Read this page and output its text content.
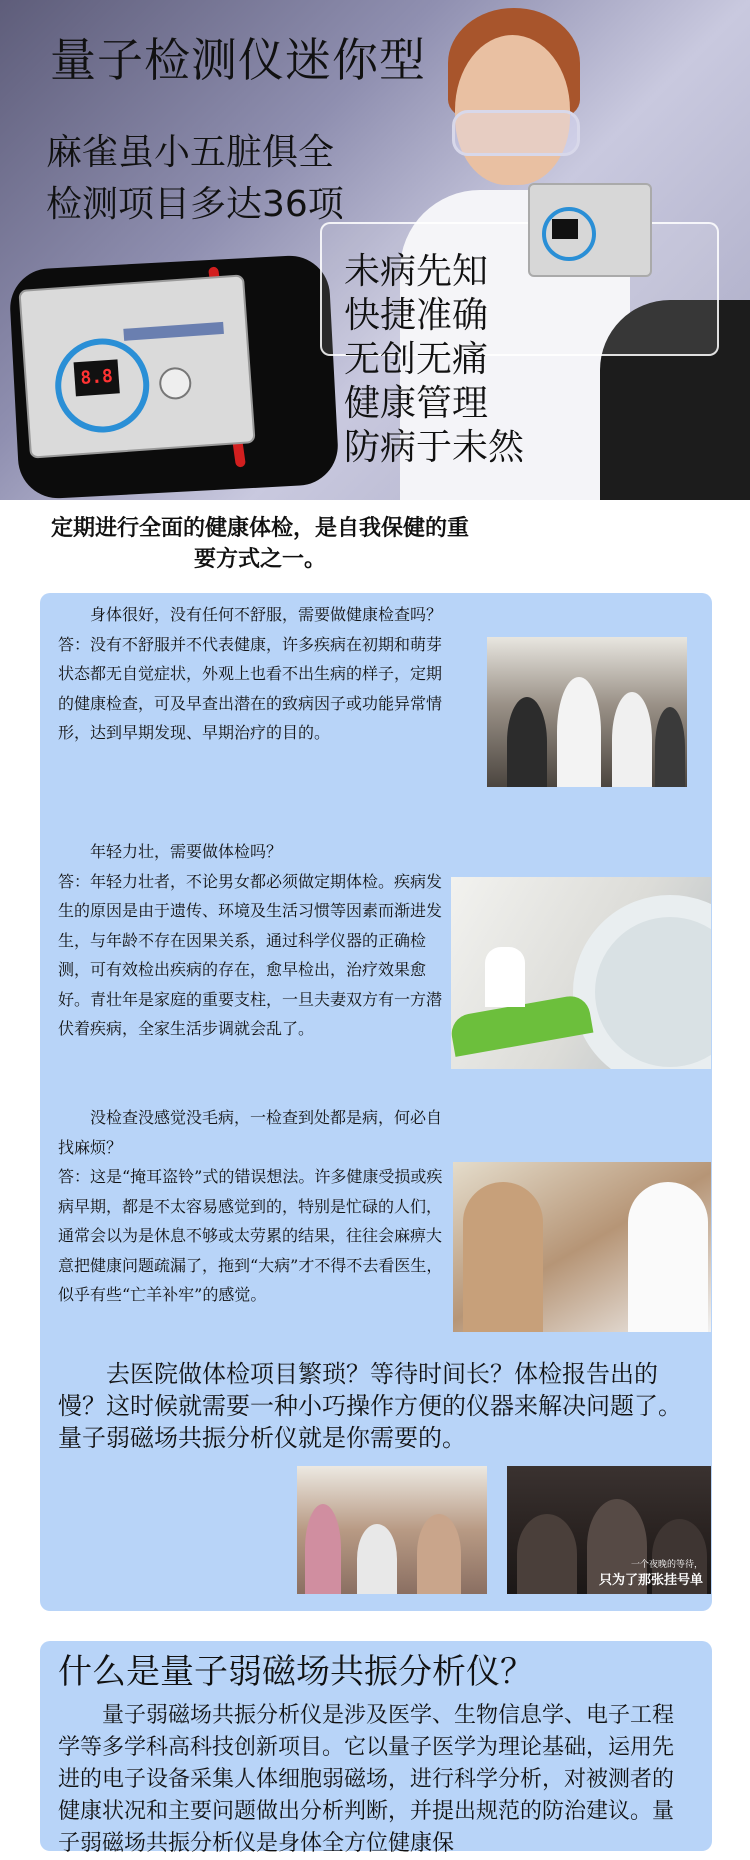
8.8
量子检测仪迷你型

麻雀虽小五脏俱全

检测项目多达36项

未病先知
快捷准确
无创无痛
健康管理
防病于未然

定期进行全面的健康体检，是自我保健的重要方式之一。

身体很好，没有任何不舒服，需要做健康检查吗？

答：没有不舒服并不代表健康，许多疾病在初期和萌芽状态都无自觉症状，外观上也看不出生病的样子，定期的健康检查，可及早查出潜在的致病因子或功能异常情形，达到早期发现、早期治疗的目的。

年轻力壮，需要做体检吗？

答：年轻力壮者，不论男女都必须做定期体检。疾病发生的原因是由于遗传、环境及生活习惯等因素而渐进发生，与年龄不存在因果关系，通过科学仪器的正确检测，可有效检出疾病的存在，愈早检出，治疗效果愈好。青壮年是家庭的重要支柱，一旦夫妻双方有一方潜伏着疾病，全家生活步调就会乱了。

没检查没感觉没毛病，一检查到处都是病，何必自找麻烦？

答：这是“掩耳盗铃”式的错误想法。许多健康受损或疾病早期，都是不太容易感觉到的，特别是忙碌的人们，通常会以为是休息不够或太劳累的结果，往往会麻痹大意把健康问题疏漏了，拖到“大病”才不得不去看医生，似乎有些“亡羊补牢”的感觉。

去医院做体检项目繁琐？等待时间长？体检报告出的慢？这时候就需要一种小巧操作方便的仪器来解决问题了。量子弱磁场共振分析仪就是你需要的。

一个夜晚的等待，
只为了那张挂号单
什么是量子弱磁场共振分析仪？

量子弱磁场共振分析仪是涉及医学、生物信息学、电子工程学等多学科高科技创新项目。它以量子医学为理论基础，运用先进的电子设备采集人体细胞弱磁场，进行科学分析，对被测者的健康状况和主要问题做出分析判断，并提出规范的防治建议。量子弱磁场共振分析仪是身体全方位健康保
